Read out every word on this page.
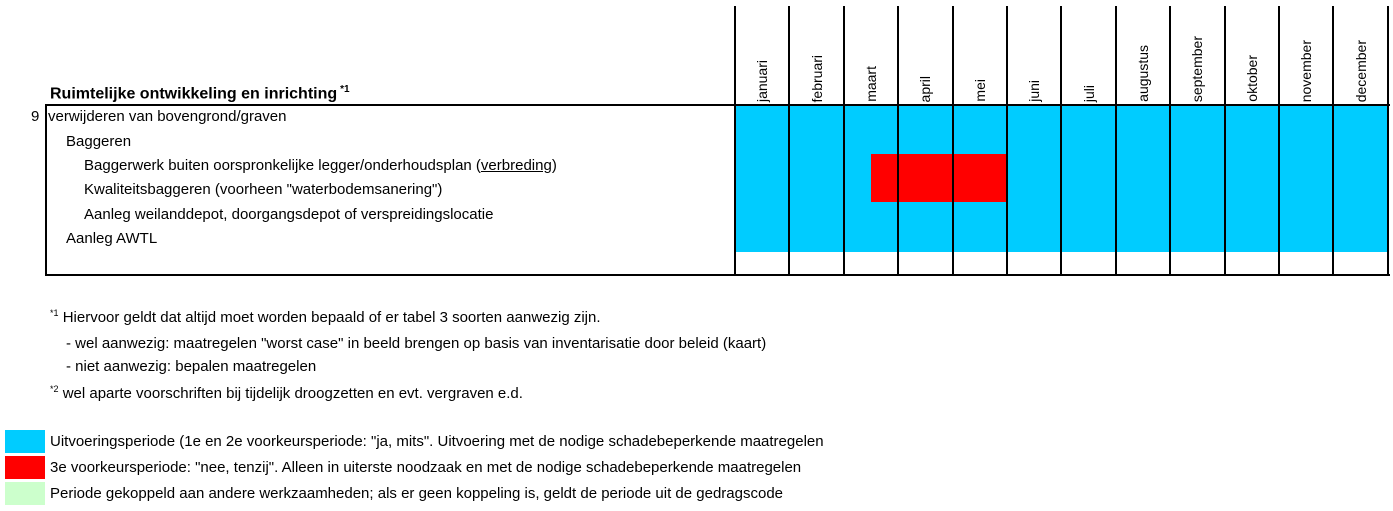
Ruimtelijke ontwikkeling en inrichting $^{*1}$	januari	februari	maart	april	mei	juni	juli	augustus	september	oktober	november	december
9 verwijderen van bovengrond/graven
Baggeren
Baggerwerk buiten oorspronkelijke legger/onderhoudsplan (verbreding)
Kwaliteitsbaggeren (voorheen "waterbodemsanering")
Aanleg weilanddepot, doorgangsdepot of verspreidingslocatie
Aanleg AWTL
$^{*1}$ Hiervoor geldt dat altijd moet worden bepaald of er tabel 3 soorten aanwezig zijn.
- wel aanwezig: maatregelen "worst case" in beeld brengen op basis van inventarisatie door beleid (kaart)
- niet aanwezig: bepalen maatregelen
$^{*2}$ wel aparte voorschriften bij tijdelijk droogzetten en evt. vergraven e.d.
Uitvoeringsperiode (1e en 2e voorkeursperiode: "ja, mits". Uitvoering met de nodige schadebeperkende maatregelen
3e voorkeursperiode: "nee, tenzij". Alleen in uiterste noodzaak en met de nodige schadebeperkende maatregelen
Periode gekoppeld aan andere werkzaamheden; als er geen koppeling is, geldt de periode uit de gedragscode
